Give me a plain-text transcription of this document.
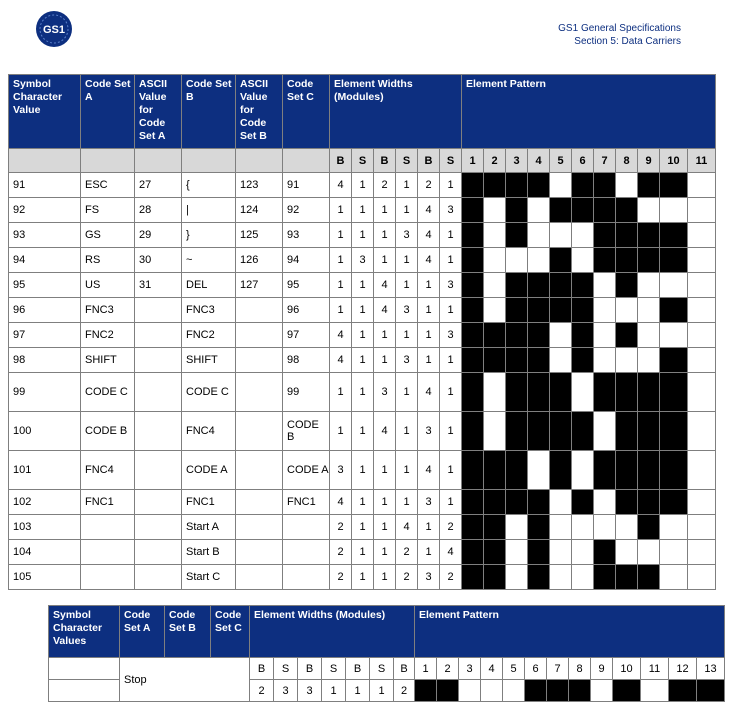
GS1	GS1 General Specifications
Section 5: Data Carriers
Symbol Character Value	Code Set A	ASCII Value for Code Set A	Code Set B	ASCII Value for Code Set B	Code Set C	Element Widths (Modules)						Element Pattern										
						B	S	B	S	B	S	1	2	3	4	5	6	7	8	9	10	11
91	ESC	27	{	123	91	4	1	2	1	2	1											
92	FS	28	|	124	92	1	1	1	1	4	3											
93	GS	29	}	125	93	1	1	1	3	4	1											
94	RS	30	~	126	94	1	3	1	1	4	1											
95	US	31	DEL	127	95	1	1	4	1	1	3											
96	FNC3		FNC3		96	1	1	4	3	1	1											
97	FNC2		FNC2		97	4	1	1	1	1	3											
98	SHIFT		SHIFT		98	4	1	1	3	1	1											
99	CODE C		CODE C		99	1	1	3	1	4	1											
100	CODE B		FNC4		CODE B	1	1	4	1	3	1											
101	FNC4		CODE A		CODE A	3	1	1	1	4	1											
102	FNC1		FNC1		FNC1	4	1	1	1	3	1											
103			Start A			2	1	1	4	1	2											
104			Start B			2	1	1	2	1	4											
105			Start C			2	1	1	2	3	2											
Symbol Character Values	Code Set A	Code Set B	Code Set C	Element Widths (Modules)							Element Pattern												
	Stop			B	S	B	S	B	S	B	1	2	3	4	5	6	7	8	9	10	11	12	13
				2	3	3	1	1	1	2													
